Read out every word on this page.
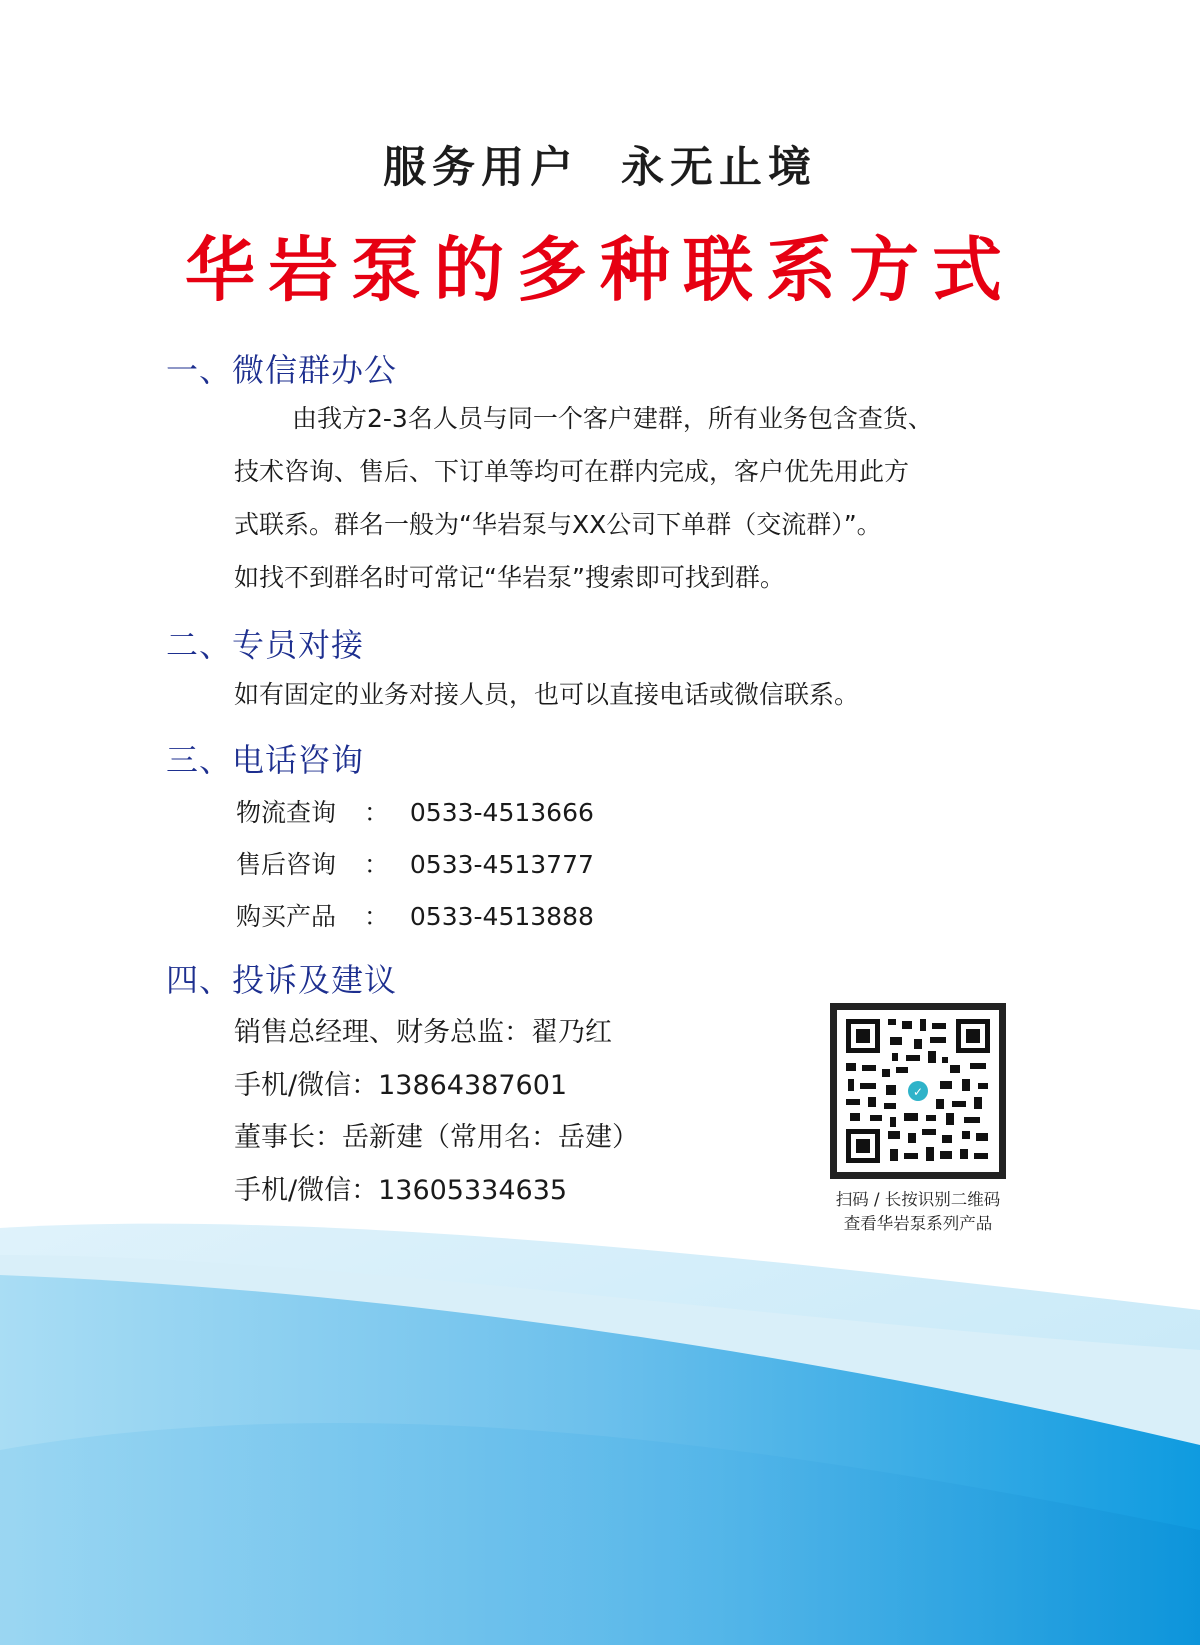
服务用户  永无止境
华岩泵的多种联系方式
一、微信群办公
由我方2-3名人员与同一个客户建群，所有业务包含查货、
技术咨询、售后、下订单等均可在群内完成，客户优先用此方
式联系。群名一般为“华岩泵与XX公司下单群（交流群）”。
如找不到群名时可常记“华岩泵”搜索即可找到群。
二、专员对接
如有固定的业务对接人员，也可以直接电话或微信联系。
三、电话咨询
物流查询 ： 0533-4513666
售后咨询 ： 0533-4513777
购买产品 ： 0533-4513888
四、投诉及建议
销售总经理、财务总监：翟乃红
手机/微信：13864387601
董事长：岳新建（常用名：岳建）
手机/微信：13605334635
✓
扫码 / 长按识别二维码
查看华岩泵系列产品
